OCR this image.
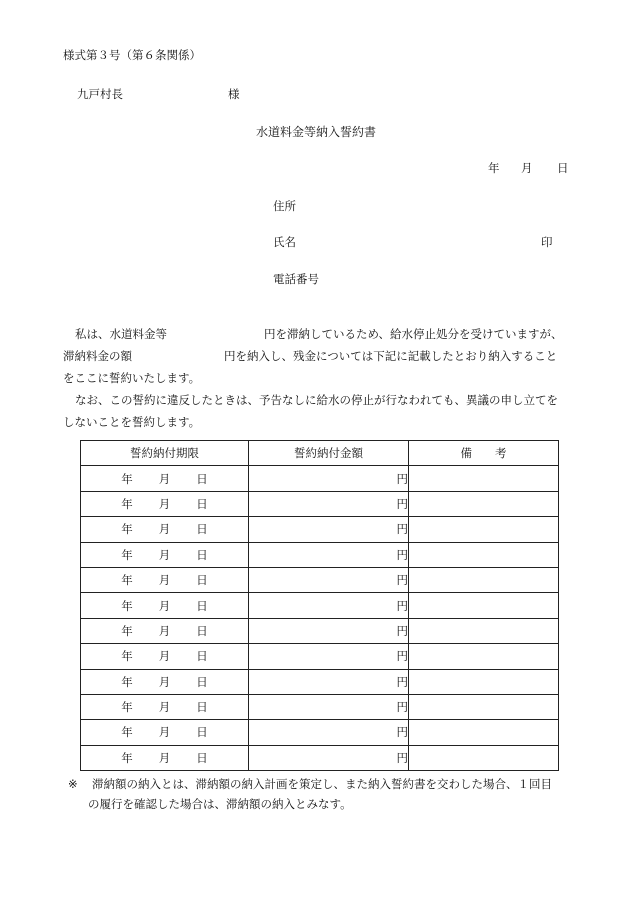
様式第３号（第６条関係）
九戸村長	様
水道料金等納入誓約書
年 月 日
住所
氏名	印
電話番号

私は、水道料金等	円を滞納しているため、給水停止処分を受けていますが、

滞納料金の額	円を納入し、残金については下記に記載したとおり納入すること

をここに誓約いたします。

なお、この誓約に違反したときは、予告なしに給水の停止が行なわれても、異議の申し立てをしないことを誓約します。

誓約納付期限	誓約納付金額	備　　考

年 月 日	円	

年 月 日	円	

年 月 日	円	

年 月 日	円	

年 月 日	円	

年 月 日	円	

年 月 日	円	

年 月 日	円	

年 月 日	円	

年 月 日	円	

年 月 日	円	

年 月 日	円	
※ 滞納額の納入とは、滞納額の納入計画を策定し、また納入誓約書を交わした場合、１回目
の履行を確認した場合は、滞納額の納入とみなす。
